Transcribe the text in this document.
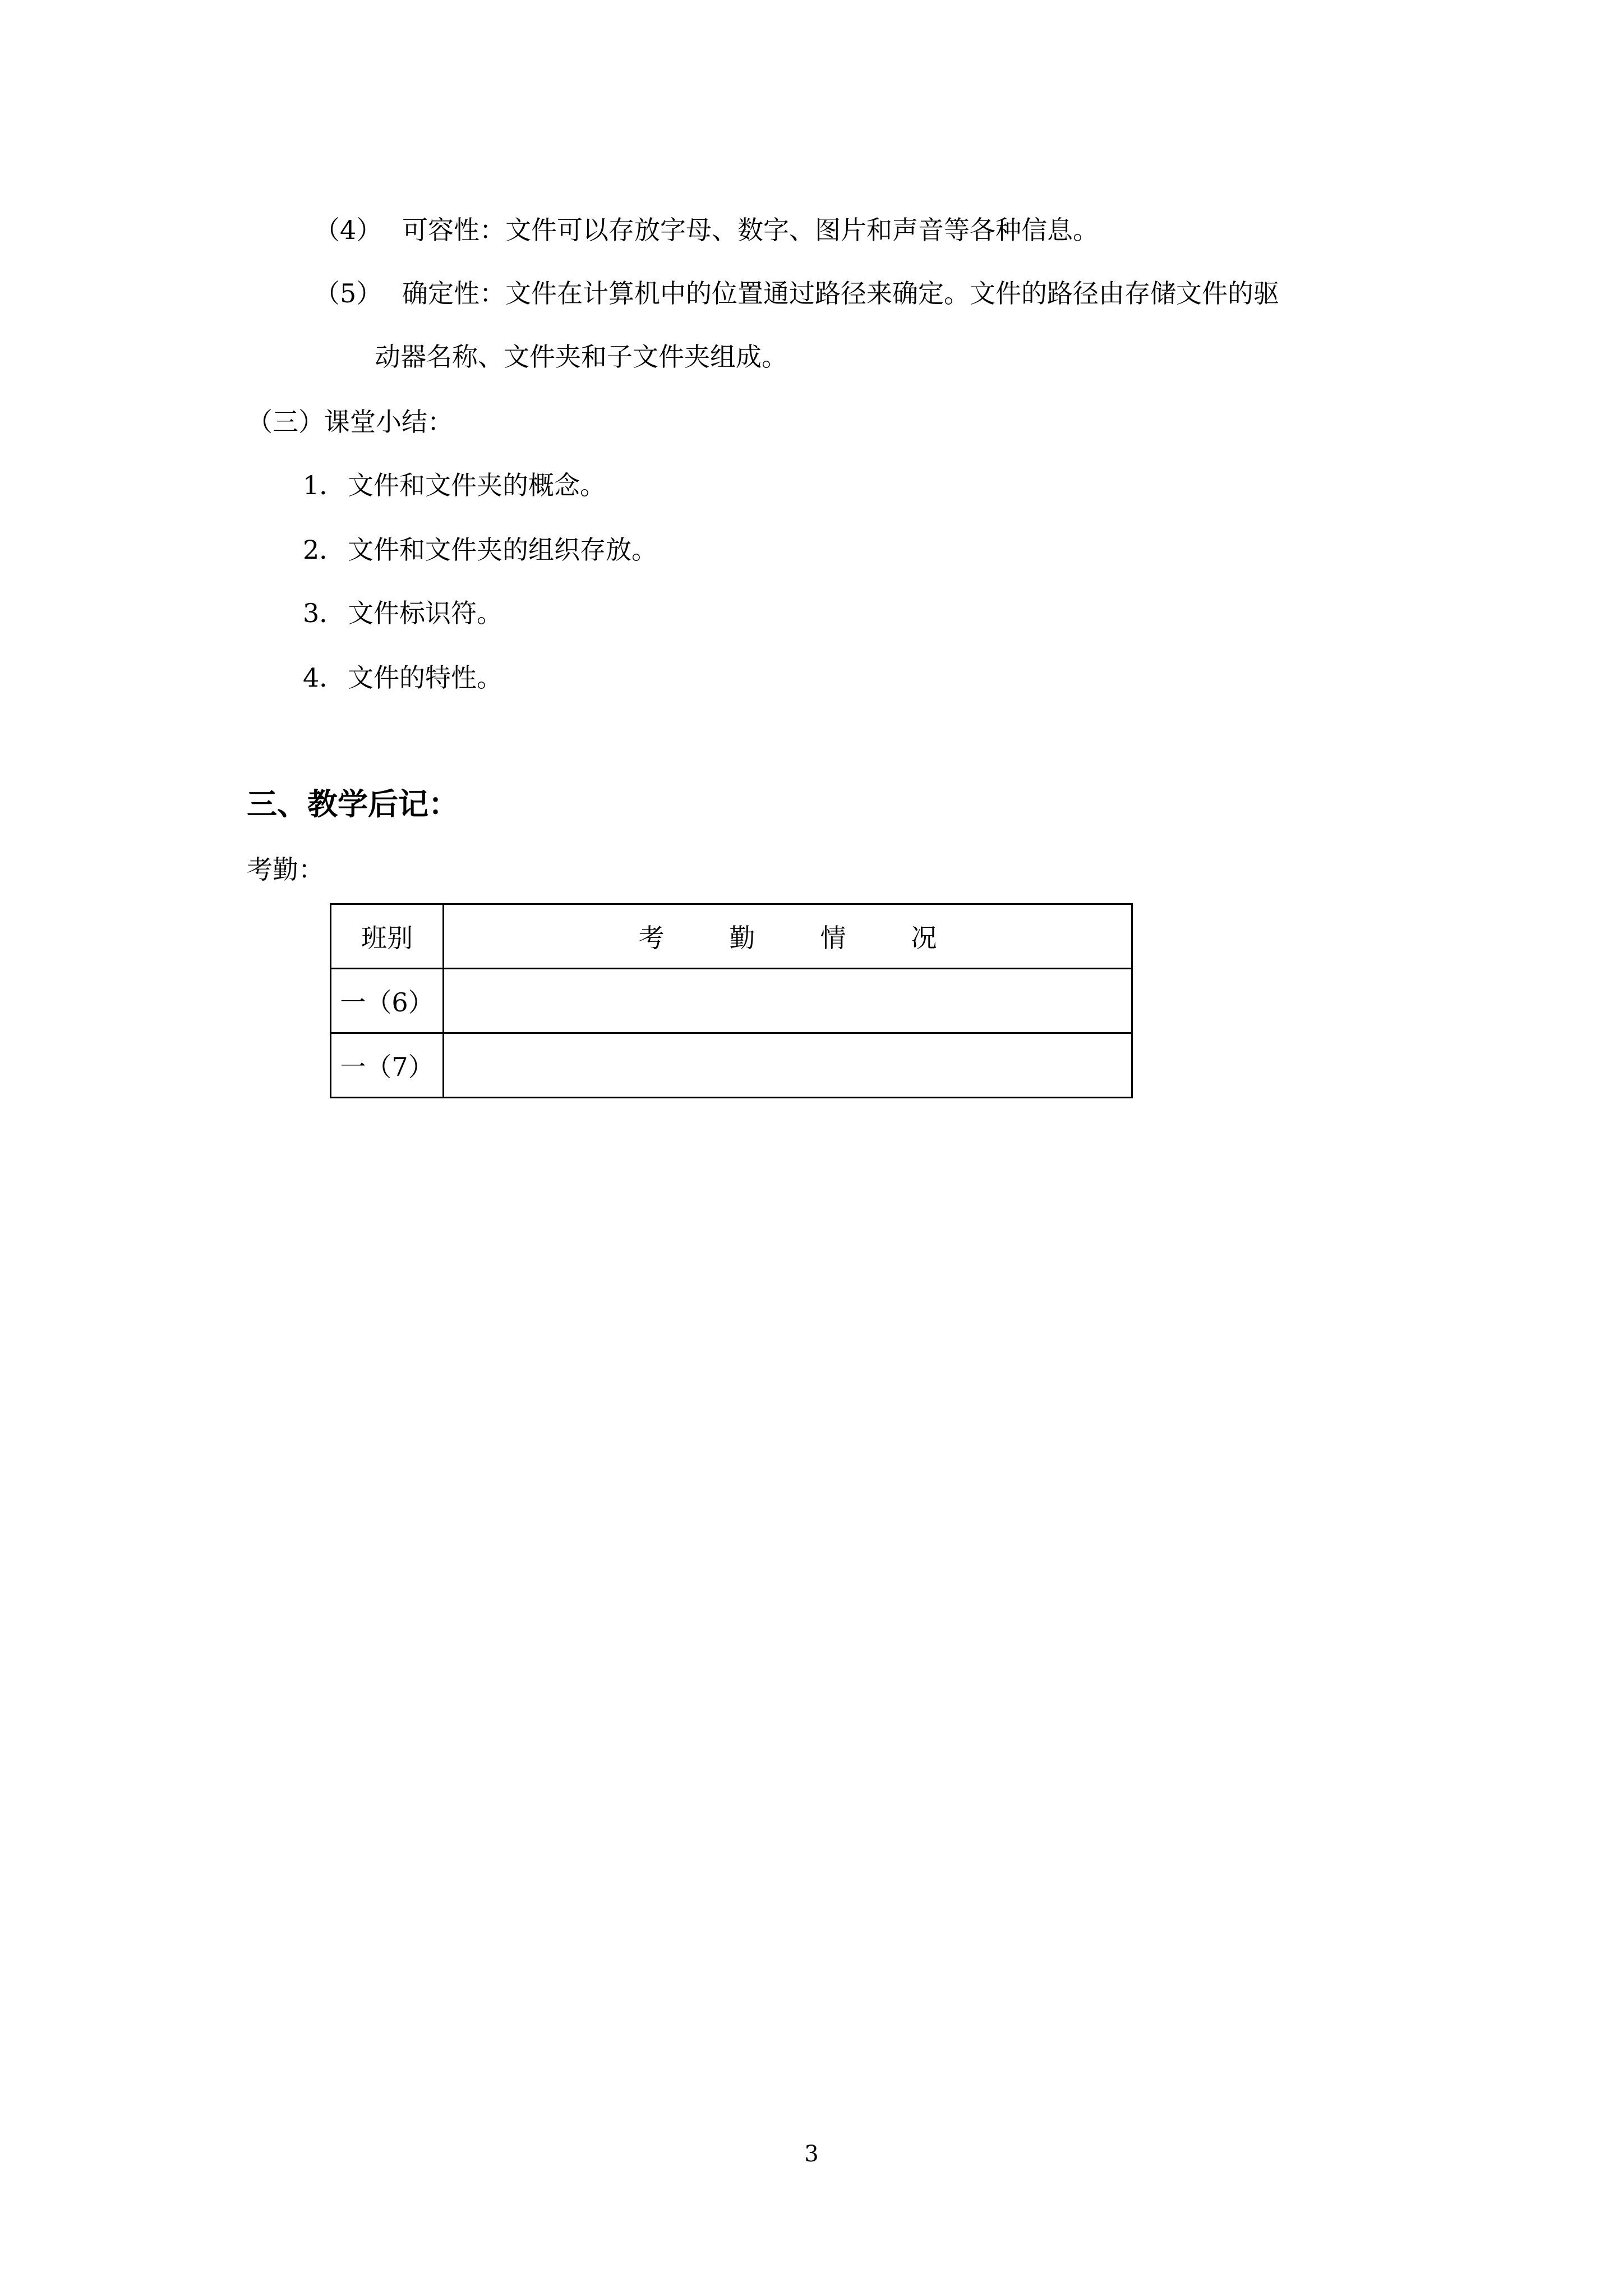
（4） 可容性：文件可以存放字母、数字、图片和声音等各种信息。
（5） 确定性：文件在计算机中的位置通过路径来确定。文件的路径由存储文件的驱
动器名称、文件夹和子文件夹组成。
（三）课堂小结：
1． 文件和文件夹的概念。
2． 文件和文件夹的组织存放。
3． 文件标识符。
4． 文件的特性。
三、教学后记：
考勤：
班别	考 勤 情 况
一（6）	
一（7）	
3
